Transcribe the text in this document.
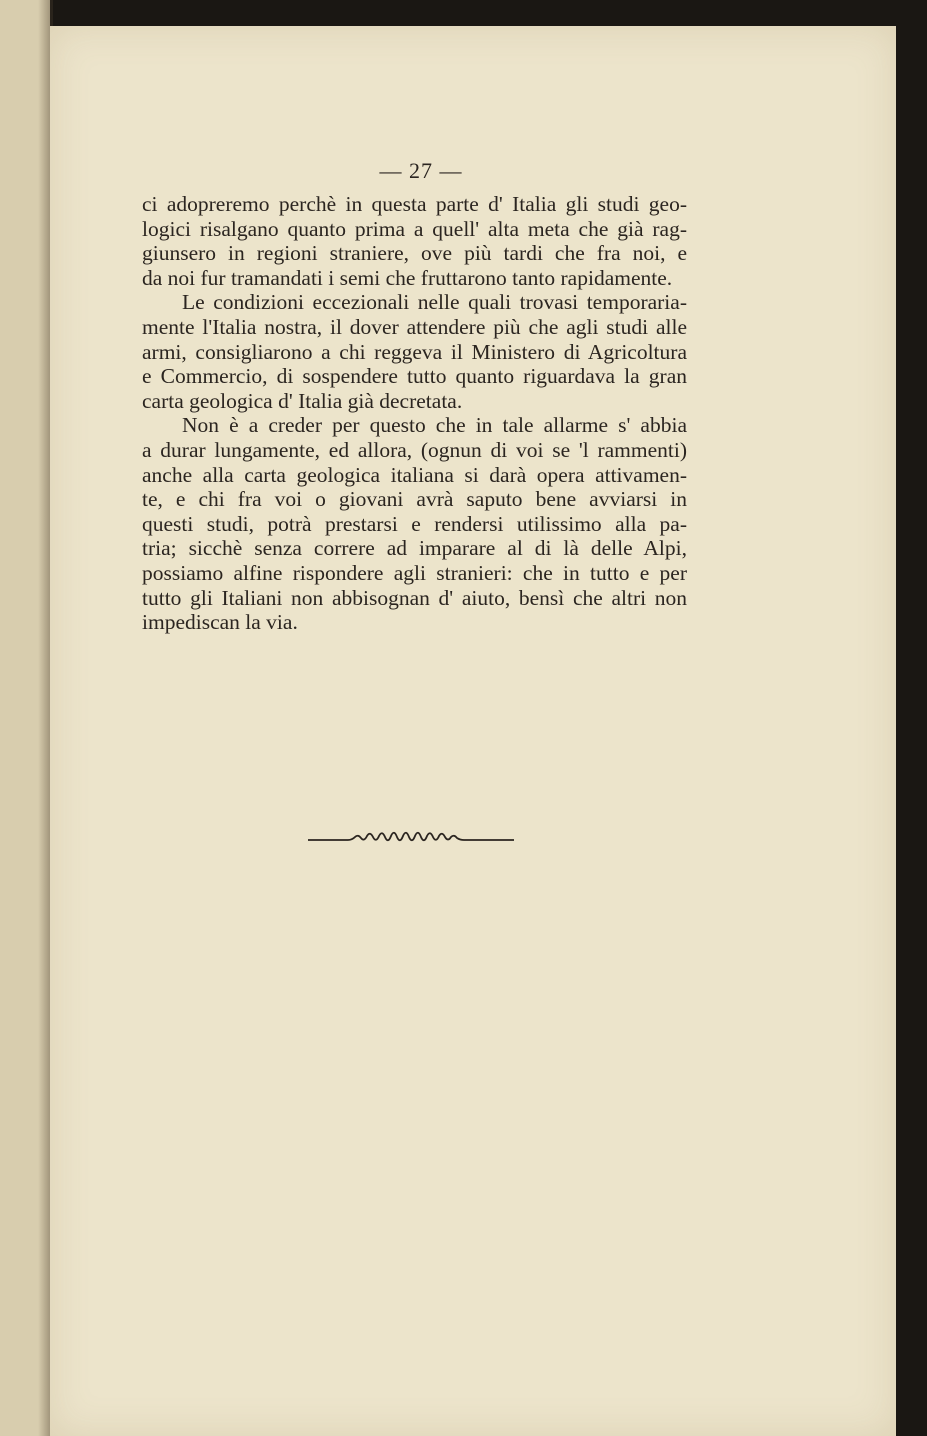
— 27 —
ci adopreremo perchè in questa parte d' Italia gli studi geo-
logici risalgano quanto prima a quell' alta meta che già rag-
giunsero in regioni straniere, ove più tardi che fra noi, e
da noi fur tramandati i semi che fruttarono tanto rapidamente.
Le condizioni eccezionali nelle quali trovasi temporaria-
mente l'Italia nostra, il dover attendere più che agli studi alle
armi, consigliarono a chi reggeva il Ministero di Agricoltura
e Commercio, di sospendere tutto quanto riguardava la gran
carta geologica d' Italia già decretata.
Non è a creder per questo che in tale allarme s' abbia
a durar lungamente, ed allora, (ognun di voi se 'l rammenti)
anche alla carta geologica italiana si darà opera attivamen-
te, e chi fra voi o giovani avrà saputo bene avviarsi in
questi studi, potrà prestarsi e rendersi utilissimo alla pa-
tria; sicchè senza correre ad imparare al di là delle Alpi,
possiamo alfine rispondere agli stranieri: che in tutto e per
tutto gli Italiani non abbisognan d' aiuto, bensì che altri non
impediscan la via.
